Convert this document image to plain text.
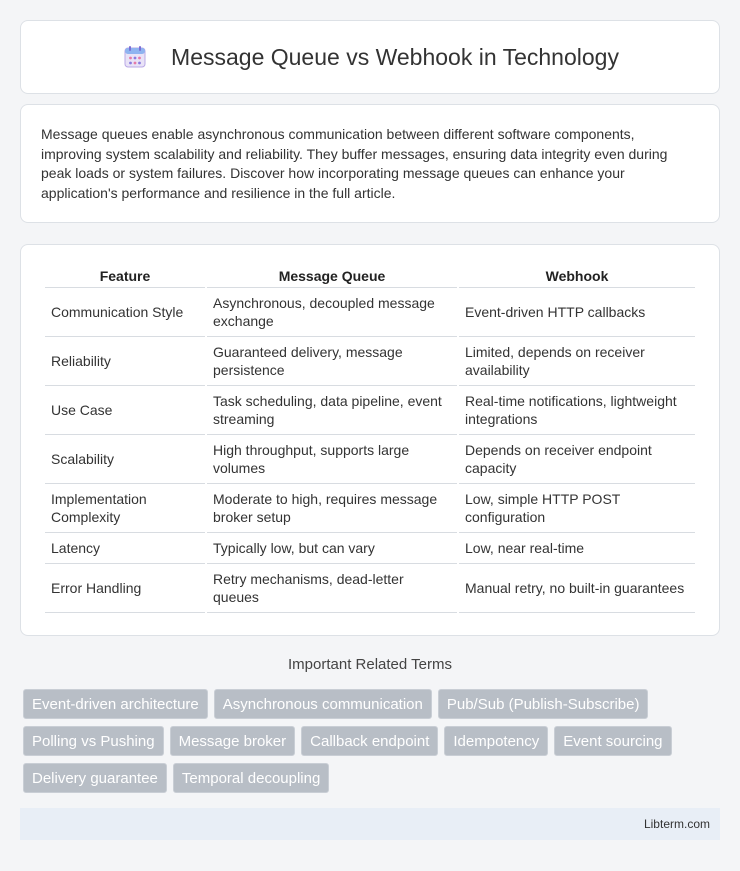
Message Queue vs Webhook in Technology

Message queues enable asynchronous communication between different software components, improving system scalability and reliability. They buffer messages, ensuring data integrity even during peak loads or system failures. Discover how incorporating message queues can enhance your application's performance and resilience in the full article.

Feature	Message Queue	Webhook
Communication Style	Asynchronous, decoupled message exchange	Event-driven HTTP callbacks
Reliability	Guaranteed delivery, message persistence	Limited, depends on receiver availability
Use Case	Task scheduling, data pipeline, event streaming	Real-time notifications, lightweight integrations
Scalability	High throughput, supports large volumes	Depends on receiver endpoint capacity
Implementation Complexity	Moderate to high, requires message broker setup	Low, simple HTTP POST configuration
Latency	Typically low, but can vary	Low, near real-time
Error Handling	Retry mechanisms, dead-letter queues	Manual retry, no built-in guarantees
Important Related Terms
Event-driven architecture	Asynchronous communication	Pub/Sub (Publish-Subscribe)
Polling vs Pushing	Message broker	Callback endpoint	Idempotency	Event sourcing
Delivery guarantee	Temporal decoupling
Libterm.com
